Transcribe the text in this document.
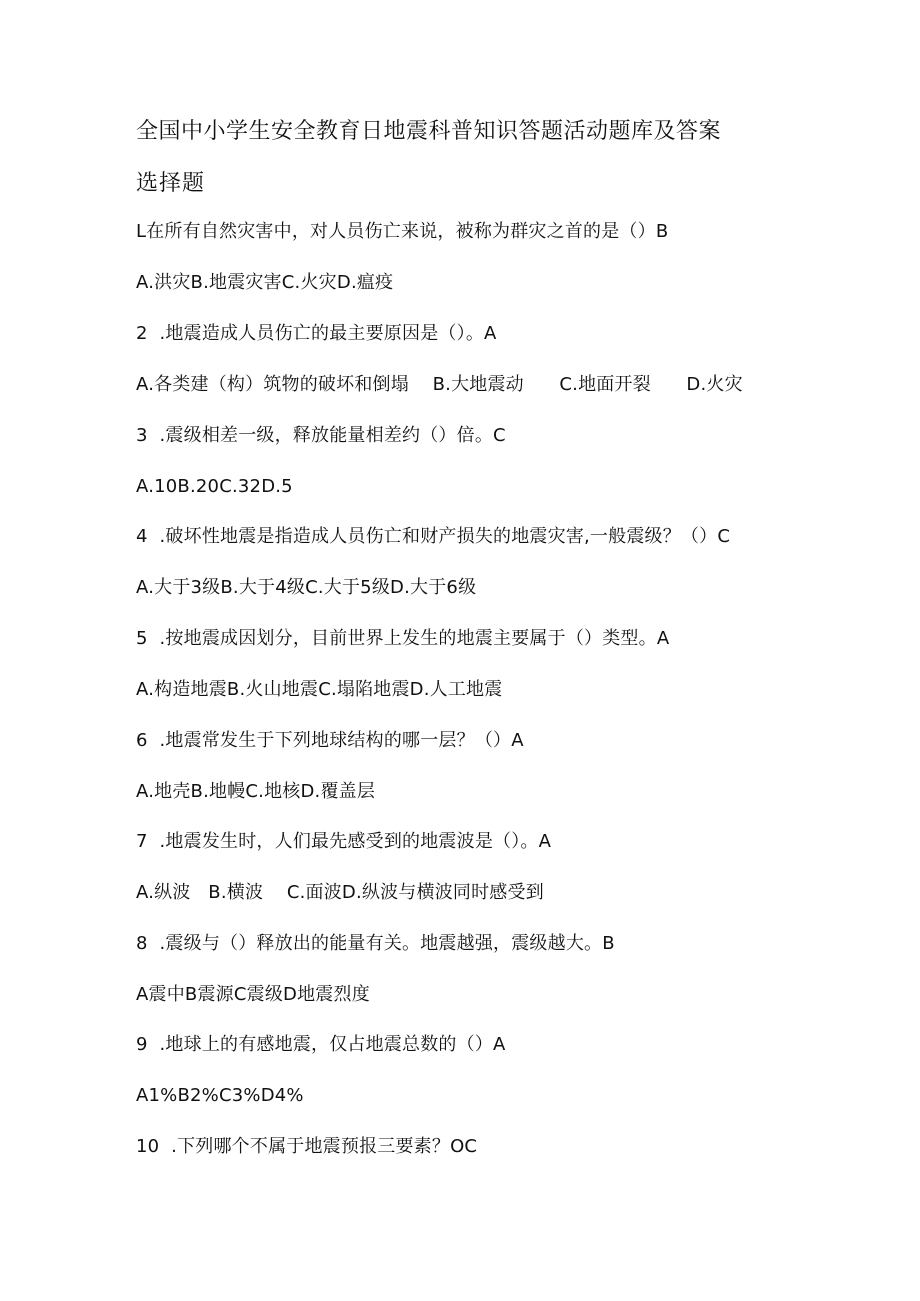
全国中小学生安全教育日地震科普知识答题活动题库及答案
选择题
L在所有自然灾害中，对人员伤亡来说，被称为群灾之首的是（）B
A.洪灾B.地震灾害C.火灾D.瘟疫
2  .地震造成人员伤亡的最主要原因是（）。A
A.各类建（构）筑物的破坏和倒塌    B.大地震动      C.地面开裂      D.火灾
3  .震级相差一级，释放能量相差约（）倍。C
A.10B.20C.32D.5
4  .破坏性地震是指造成人员伤亡和财产损失的地震灾害,一般震级？（）C
A.大于3级B.大于4级C.大于5级D.大于6级
5  .按地震成因划分，目前世界上发生的地震主要属于（）类型。A
A.构造地震B.火山地震C.塌陷地震D.人工地震
6  .地震常发生于下列地球结构的哪一层？（）A
A.地壳B.地幔C.地核D.覆盖层
7  .地震发生时，人们最先感受到的地震波是（）。A
A.纵波   B.横波    C.面波D.纵波与横波同时感受到
8  .震级与（）释放出的能量有关。地震越强，震级越大。B
A震中B震源C震级D地震烈度
9  .地球上的有感地震，仅占地震总数的（）A
A1%B2%C3%D4%
10  .下列哪个不属于地震预报三要素？OC
